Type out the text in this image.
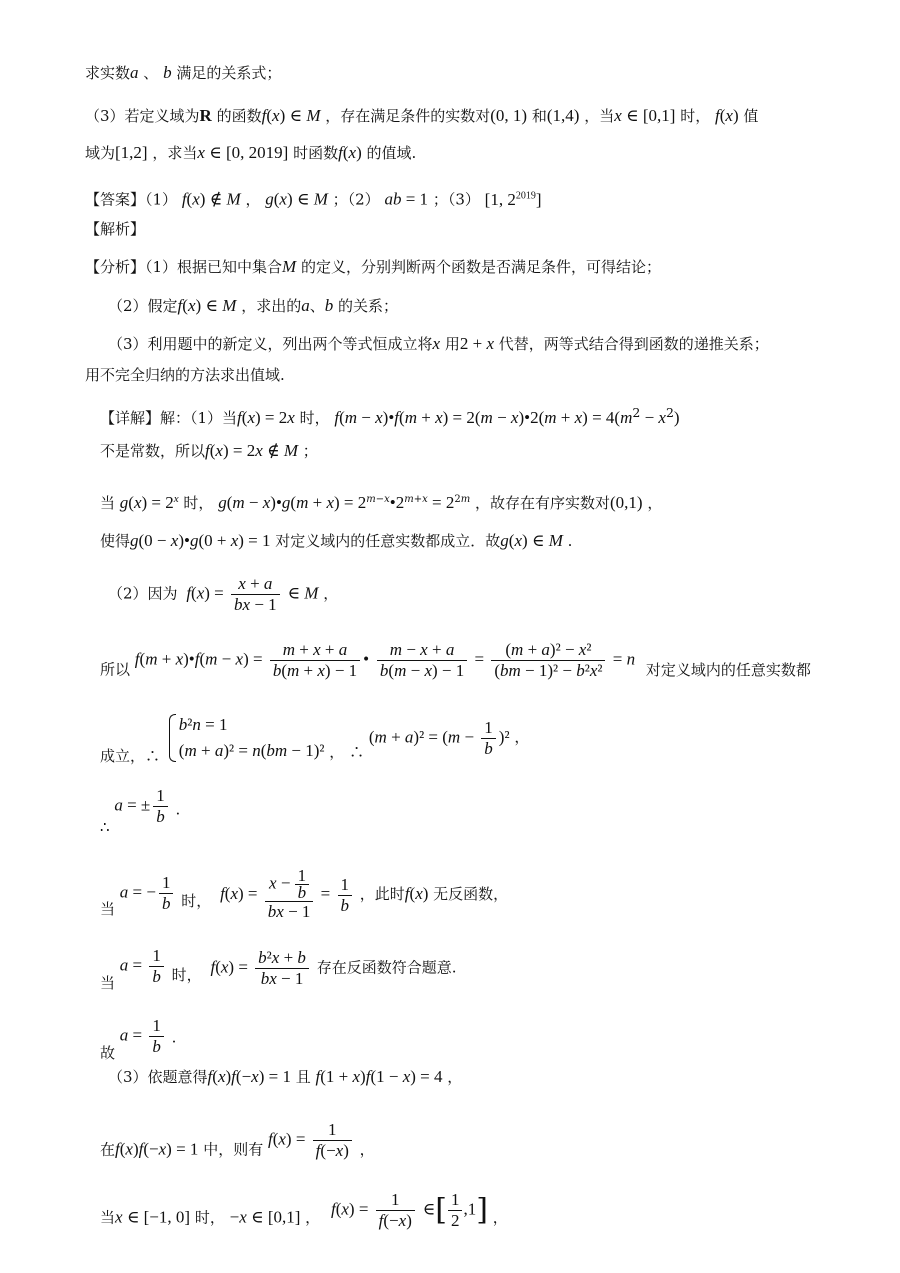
求实数a 、 b 满足的关系式；
（3）若定义域为R 的函数f(x) ∈ M ，存在满足条件的实数对(0, 1) 和(1,4) ，当x ∈ [0,1] 时， f(x) 值
域为[1,2] ，求当x ∈ [0, 2019] 时函数f(x) 的值域.
【答案】（1） f(x) ∉ M ， g(x) ∈ M ；（2） ab = 1 ；（3） [1, $2^{2019}$]
【解析】
【分析】（1）根据已知中集合M 的定义，分别判断两个函数是否满足条件，可得结论；
（2）假定f(x) ∈ M ，求出的a、b 的关系；
（3）利用题中的新定义，列出两个等式恒成立将x 用2 + x 代替，两等式结合得到函数的递推关系；
用不完全归纳的方法求出值域.
【详解】解：（1）当f(x) = 2x 时， f(m − x)•f(m + x) = 2(m − x)•2(m + $x) = 4(m^2 - x^2)$
不是常数，所以f(x) = 2x ∉ M ；
当 $g(x) = 2^x$ 时， g(m − x)•g(m + $x) = 2^{m-x}•2^{m+x} = 2^{2m}$ ，故存在有序实数对(0,1) ，
使得g(0 − x)•g(0 + x) = 1 对定义域内的任意实数都成立．故g(x) ∈ M .
（2）因为 $f(x) = \frac{x + a}{bx - 1}$ ∈ M ，
所以 f(m + x)•f(m − $x) = \frac{m + x + a}{b(m + x) - 1}$ • $\frac{m - x + a}{b(m - x) - 1} = \frac{\text{(m + a)² − x²}}{\text{(bm − 1)² − b²x²}} = n$ 对定义域内的任意实数都
成立，∴
b²n = 1
(m + a)² = n(bm − 1)² ， ∴ $(m + a)^2 = (m - \frac{1}{b} )^2$ ，
∴ a = ± $\frac{1}{b}$ .
当 a = − $\frac{1}{b}$ 时， $f(x) = \frac{x - \frac{1}{b}}{bx - 1} = \frac{1}{b}$ ，此时f(x) 无反函数，
当 $a = \frac{1}{b}$ 时， $f(x) = \frac{\text{b²x + b}}{bx - 1}$ 存在反函数符合题意.
故 $a = \frac{1}{b}$ .
（3）依题意得f(x)f(−x) = 1 且 f(1 + x)f(1 − x) = 4 ，
在f(x)f(−x) = 1 中，则有 $f(x) = \frac{1}{f(-x)}$ ，
当x ∈ [−1, 0] 时， −x ∈ [0,1] ， $f(x) = \frac{1}{f(-x)}$ ∈[ $\frac{1}{2} ,1$] ，
